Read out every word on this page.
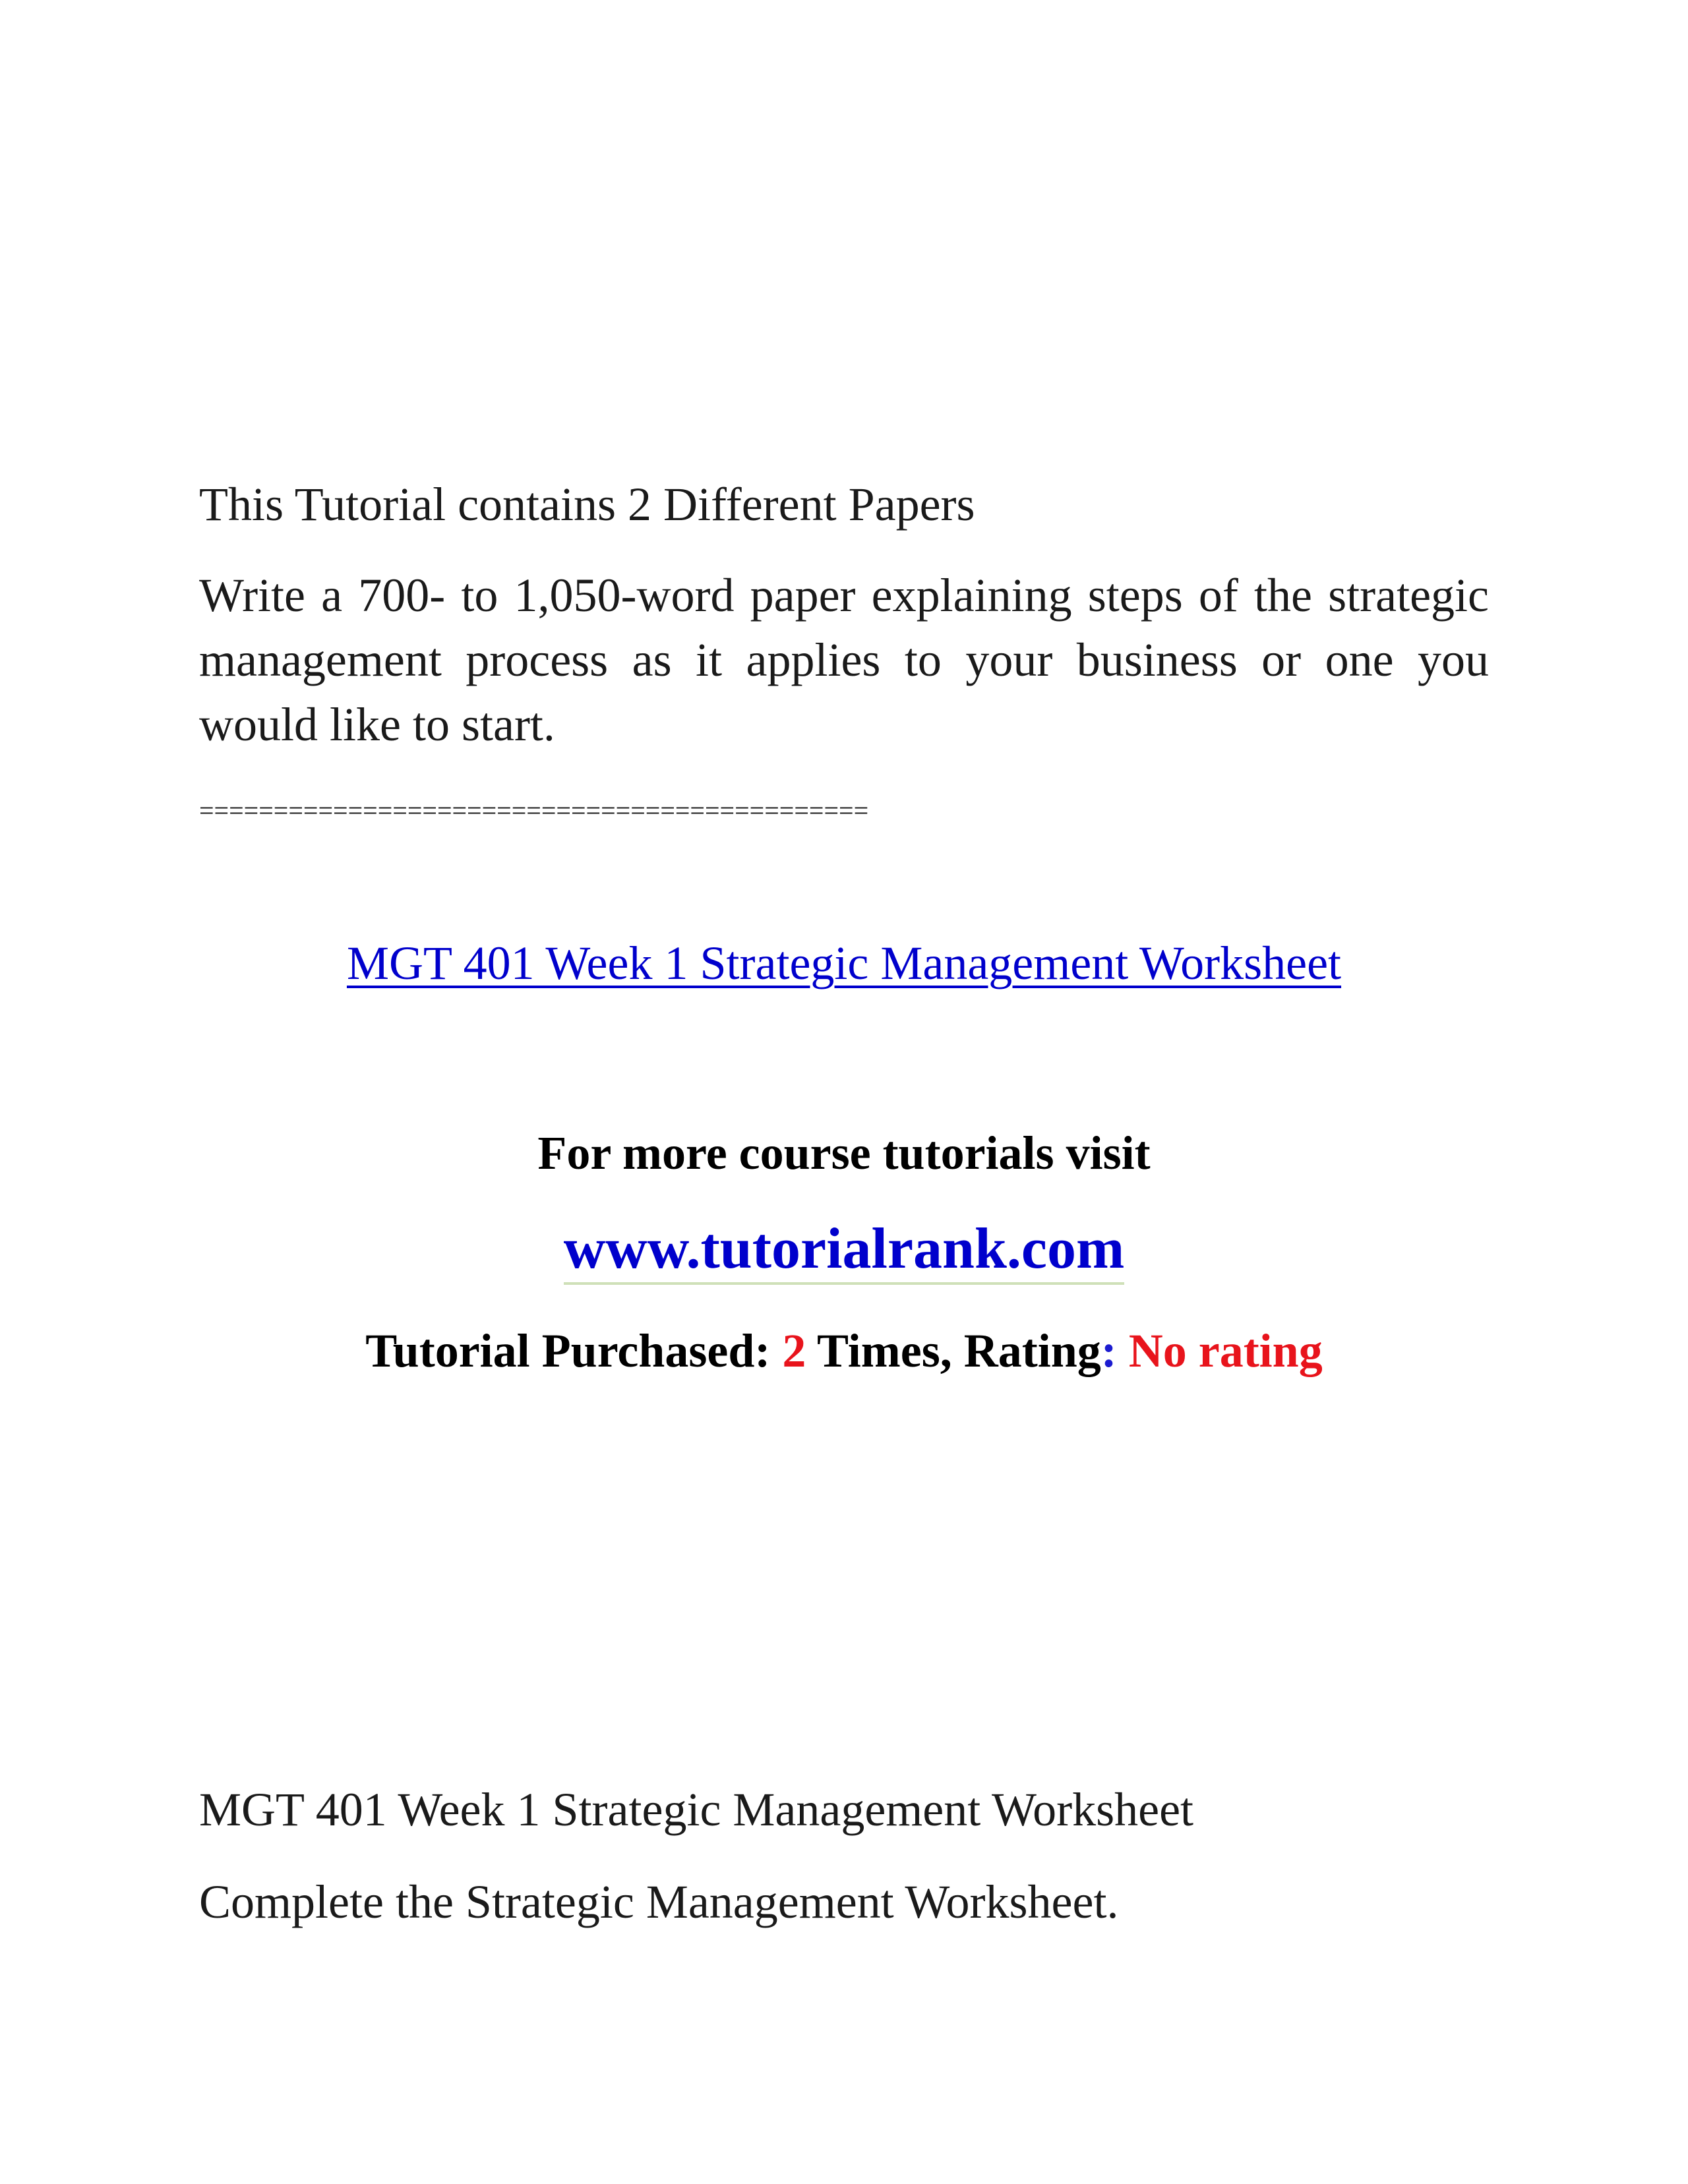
This Tutorial contains 2 Different Papers

Write a 700- to 1,050-word paper explaining steps of the strategic management process as it applies to your business or one you would like to start.

=============================================

MGT 401 Week 1 Strategic Management Worksheet

For more course tutorials visit

www.tutorialrank.com

Tutorial Purchased: 2 Times, Rating: No rating

MGT 401 Week 1 Strategic Management Worksheet

Complete the Strategic Management Worksheet.
